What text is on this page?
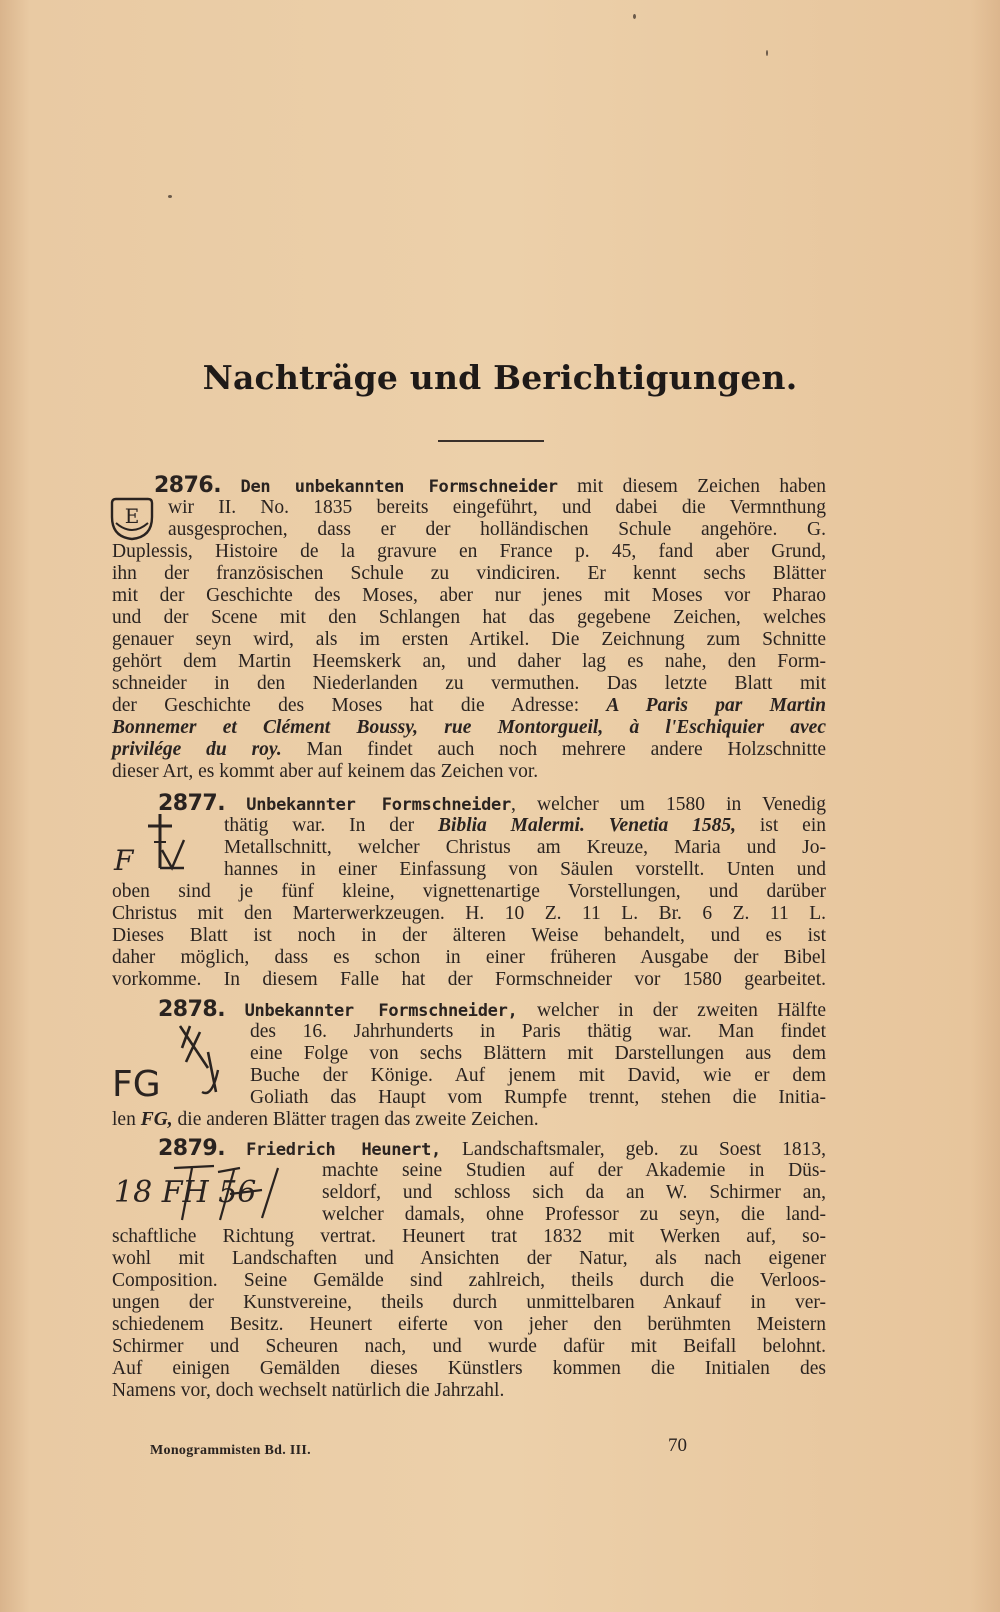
Nachträge und Berichtigungen.
2876. Den unbekannten Formschneider mit diesem Zeichen haben
E wir II. No. 1835 bereits eingeführt, und dabei die Vermnthung
ausgesprochen, dass er der holländischen Schule angehöre. G.
Duplessis, Histoire de la gravure en France p. 45, fand aber Grund,
ihn der französischen Schule zu vindiciren. Er kennt sechs Blätter
mit der Geschichte des Moses, aber nur jenes mit Moses vor Pharao
und der Scene mit den Schlangen hat das gegebene Zeichen, welches
genauer seyn wird, als im ersten Artikel. Die Zeichnung zum Schnitte
gehört dem Martin Heemskerk an, und daher lag es nahe, den Form-
schneider in den Niederlanden zu vermuthen. Das letzte Blatt mit
der Geschichte des Moses hat die Adresse: A Paris par Martin
Bonnemer et Clément Boussy, rue Montorgueil, à l'Eschiquier avec
privilége du roy. Man findet auch noch mehrere andere Holzschnitte
dieser Art, es kommt aber auf keinem das Zeichen vor.
2877. Unbekannter Formschneider, welcher um 1580 in Venedig
F
thätig war. In der Biblia Malermi. Venetia 1585, ist ein
Metallschnitt, welcher Christus am Kreuze, Maria und Jo-
hannes in einer Einfassung von Säulen vorstellt. Unten und
oben sind je fünf kleine, vignettenartige Vorstellungen, und darüber
Christus mit den Marterwerkzeugen. H. 10 Z. 11 L. Br. 6 Z. 11 L.
Dieses Blatt ist noch in der älteren Weise behandelt, und es ist
daher möglich, dass es schon in einer früheren Ausgabe der Bibel
vorkomme. In diesem Falle hat der Formschneider vor 1580 gearbeitet.
2878. Unbekannter Formschneider, welcher in der zweiten Hälfte
FG
des 16. Jahrhunderts in Paris thätig war. Man findet
eine Folge von sechs Blättern mit Darstellungen aus dem
Buche der Könige. Auf jenem mit David, wie er dem
Goliath das Haupt vom Rumpfe trennt, stehen die Initia-
len FG, die anderen Blätter tragen das zweite Zeichen.
2879. Friedrich Heunert, Landschaftsmaler, geb. zu Soest 1813,
18 FH 56
machte seine Studien auf der Akademie in Düs-
seldorf, und schloss sich da an W. Schirmer an,
welcher damals, ohne Professor zu seyn, die land-
schaftliche Richtung vertrat. Heunert trat 1832 mit Werken auf, so-
wohl mit Landschaften und Ansichten der Natur, als nach eigener
Composition. Seine Gemälde sind zahlreich, theils durch die Verloos-
ungen der Kunstvereine, theils durch unmittelbaren Ankauf in ver-
schiedenem Besitz. Heunert eiferte von jeher den berühmten Meistern
Schirmer und Scheuren nach, und wurde dafür mit Beifall belohnt.
Auf einigen Gemälden dieses Künstlers kommen die Initialen des
Namens vor, doch wechselt natürlich die Jahrzahl.
Monogrammisten Bd. III.	70
